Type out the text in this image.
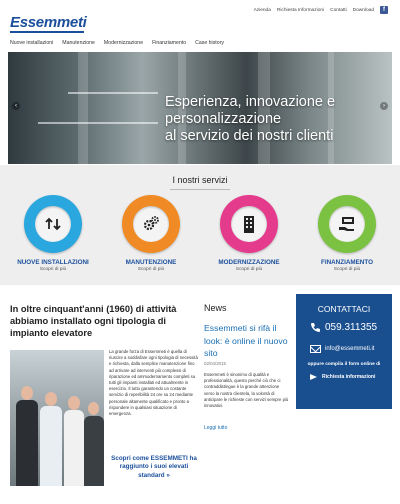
Essemmeti
Azienda Richiesta Informazioni Contatti Download	f
Nuove installazioni Manutenzione Modernizzazione Finanziamento Case history
Esperienza, innovazione e
personalizzazione
al servizio dei nostri clienti
‹	›
I nostri servizi
NUOVE INSTALLAZIONI
Scopri di più
MANUTENZIONE
Scopri di più
MODERNIZZAZIONE
Scopri di più
FINANZIAMENTO
Scopri di più
In oltre cinquant'anni (1960) di attività abbiamo installato ogni tipologia di impianto elevatore
La grande forza di Essemmeti è quella di riuscire a soddisfare ogni tipologia di necessità e richiesta, dalla semplice manutenzione fino ad arrivare ad interventi più complessi di riparazione ed ammodernamento completi su tutti gli impianti installati ed attualmente in esercizio. Il tutto garantendo un costante servizio di reperibilità 24 ore su 24 mediante personale altamente qualificato e pronto a rispondere in qualsiasi situazione di emergenza.
Scopri come ESSEMMETI ha raggiunto i suoi elevati standard »
News
Essemmeti si rifà il look: è online il nuovo sito
02/04/2015
Essemmeti è sinonimo di qualità e professionalità, questo perché ciò che ci contraddistingue è la grande attenzione verso la nostra clientela, la volontà di anticipare le richieste con servizi sempre più innovativi.
Leggi tutto
CONTATTACI
059.311355
info@essemmeti.it
oppure compila il form online di
Richiesta informazioni
